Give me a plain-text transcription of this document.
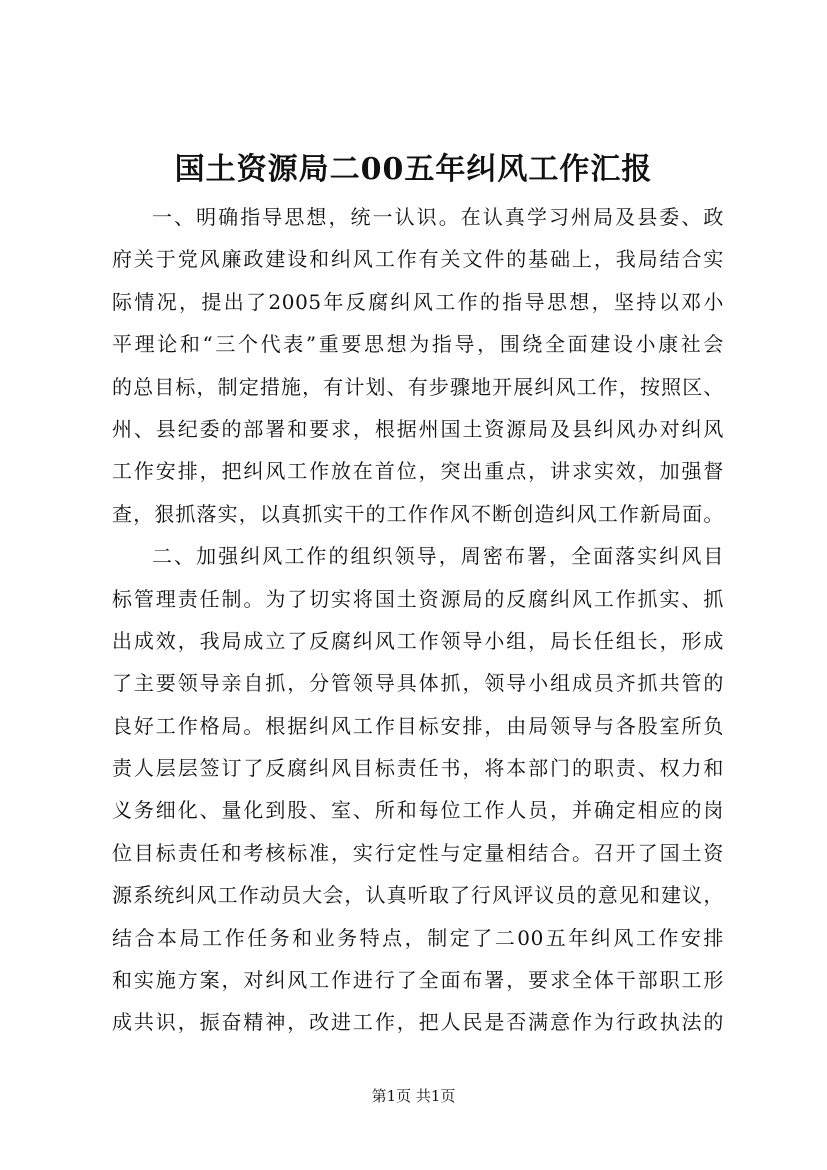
国土资源局二00五年纠风工作汇报
一、明确指导思想，统一认识。在认真学习州局及县委、政
府关于党风廉政建设和纠风工作有关文件的基础上，我局结合实
际情况，提出了2005年反腐纠风工作的指导思想，坚持以邓小
平理论和“三个代表”重要思想为指导，围绕全面建设小康社会
的总目标，制定措施，有计划、有步骤地开展纠风工作，按照区、
州、县纪委的部署和要求，根据州国土资源局及县纠风办对纠风
工作安排，把纠风工作放在首位，突出重点，讲求实效，加强督
查，狠抓落实，以真抓实干的工作作风不断创造纠风工作新局面。
二、加强纠风工作的组织领导，周密布署，全面落实纠风目
标管理责任制。为了切实将国土资源局的反腐纠风工作抓实、抓
出成效，我局成立了反腐纠风工作领导小组，局长任组长，形成
了主要领导亲自抓，分管领导具体抓，领导小组成员齐抓共管的
良好工作格局。根据纠风工作目标安排，由局领导与各股室所负
责人层层签订了反腐纠风目标责任书，将本部门的职责、权力和
义务细化、量化到股、室、所和每位工作人员，并确定相应的岗
位目标责任和考核标准，实行定性与定量相结合。召开了国土资
源系统纠风工作动员大会，认真听取了行风评议员的意见和建议，
结合本局工作任务和业务特点，制定了二00五年纠风工作安排
和实施方案，对纠风工作进行了全面布署，要求全体干部职工形
成共识，振奋精神，改进工作，把人民是否满意作为行政执法的
第1页 共1页
